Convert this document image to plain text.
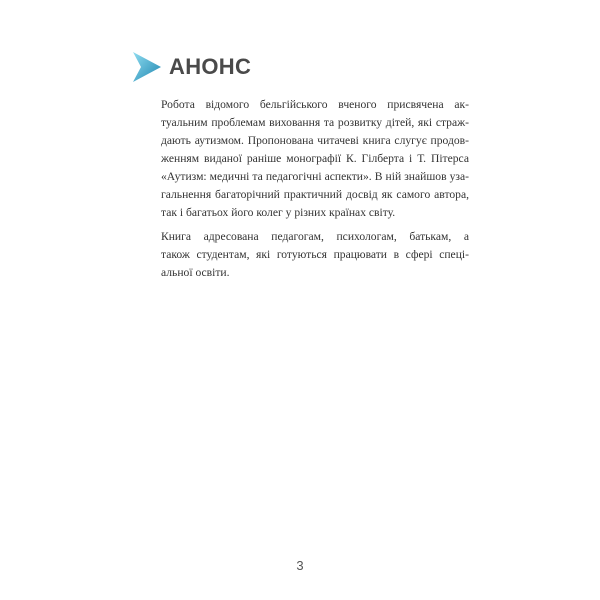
АНОНС
Робота відомого бельгійського вченого присвячена ак-
туальним проблемам виховання та розвитку дітей, які страж-
дають аутизмом. Пропонована читачеві книга слугує продов-
женням виданої раніше монографії К. Гілберта і Т. Пітерса
«Аутизм: медичні та педагогічні аспекти». В ній знайшов уза-
гальнення багаторічний практичний досвід як самого автора,
так і багатьох його колег у різних країнах світу.
Книга адресована педагогам, психологам, батькам, а
також студентам, які готуються працювати в сфері спеці-
альної освіти.
3
